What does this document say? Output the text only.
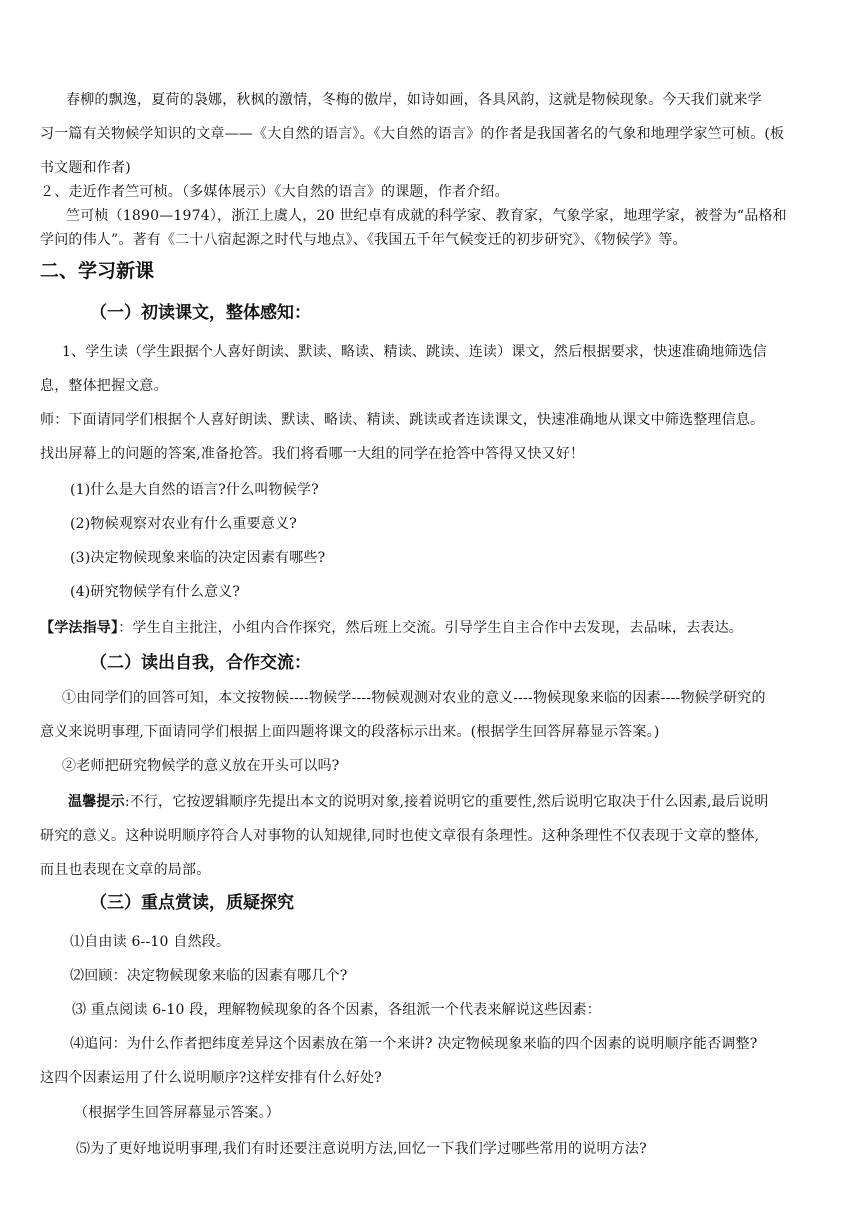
春柳的飘逸，夏荷的袅娜，秋枫的激情，冬梅的傲岸，如诗如画，各具风韵，这就是物候现象。今天我们就来学
习一篇有关物候学知识的文章——《大自然的语言》。《大自然的语言》的作者是我国著名的气象和地理学家竺可桢。(板
书文题和作者)
２、走近作者竺可桢。（多媒体展示）《大自然的语言》的课题，作者介绍。
竺可桢（1890—1974），浙江上虞人，20 世纪卓有成就的科学家、教育家，气象学家，地理学家，被誉为“品格和
学问的伟人”。著有《二十八宿起源之时代与地点》、《我国五千年气候变迁的初步研究》、《物候学》等。
二、学习新课
（一）初读课文，整体感知：
1、学生读（学生跟据个人喜好朗读、默读、略读、精读、跳读、连读）课文，然后根据要求，快速准确地筛选信
息，整体把握文意。
师：下面请同学们根据个人喜好朗读、默读、略读、精读、跳读或者连读课文，快速准确地从课文中筛选整理信息。
找出屏幕上的问题的答案,准备抢答。我们将看哪一大组的同学在抢答中答得又快又好！
(1)什么是大自然的语言?什么叫物候学?
(2)物候观察对农业有什么重要意义?
(3)决定物候现象来临的决定因素有哪些?
(4)研究物候学有什么意义?
【学法指导】：学生自主批注，小组内合作探究，然后班上交流。引导学生自主合作中去发现，去品味，去表达。
（二）读出自我，合作交流：
①由同学们的回答可知，本文按物候----物候学----物候观测对农业的意义----物候现象来临的因素----物候学研究的
意义来说明事理,下面请同学们根据上面四题将课文的段落标示出来。(根据学生回答屏幕显示答案。)
②老师把研究物候学的意义放在开头可以吗?
温馨提示:不行，它按逻辑顺序先提出本文的说明对象,接着说明它的重要性,然后说明它取决于什么因素,最后说明
研究的意义。这种说明顺序符合人对事物的认知规律,同时也使文章很有条理性。这种条理性不仅表现于文章的整体,
而且也表现在文章的局部。
（三）重点赏读，质疑探究
⑴自由读 6--10 自然段。
⑵回顾：决定物候现象来临的因素有哪几个?
⑶ 重点阅读 6-10 段，理解物候现象的各个因素，各组派一个代表来解说这些因素：
⑷追问：为什么作者把纬度差异这个因素放在第一个来讲? 决定物候现象来临的四个因素的说明顺序能否调整?
这四个因素运用了什么说明顺序?这样安排有什么好处?
（根据学生回答屏幕显示答案。）
⑸为了更好地说明事理,我们有时还要注意说明方法,回忆一下我们学过哪些常用的说明方法?
